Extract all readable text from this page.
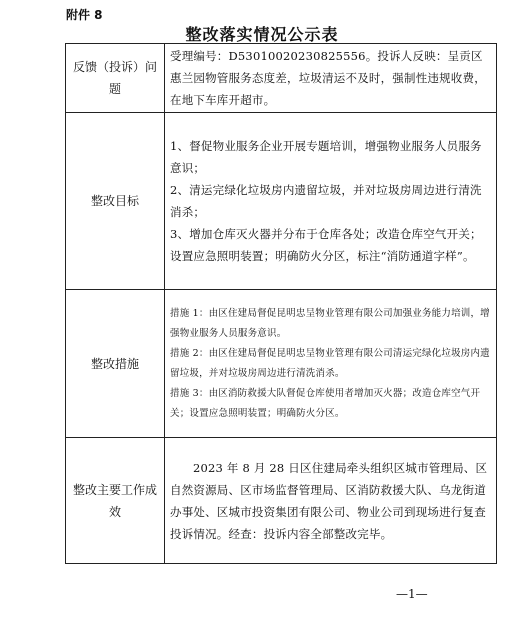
附件 8
整改落实情况公示表
反馈（投诉）问题	受理编号：D53010020230825556。投诉人反映：呈贡区惠兰园物管服务态度差，垃圾清运不及时，强制性违规收费，在地下车库开超市。
整改目标	1、督促物业服务企业开展专题培训，增强物业服务人员服务意识；

2、清运完绿化垃圾房内遗留垃圾，并对垃圾房周边进行清洗消杀；

3、增加仓库灭火器并分布于仓库各处；改造仓库空气开关；设置应急照明装置；明确防火分区，标注“消防通道字样”。

整改措施	措施 1：由区住建局督促昆明忠呈物业管理有限公司加强业务能力培训，增强物业服务人员服务意识。

措施 2：由区住建局督促昆明忠呈物业管理有限公司清运完绿化垃圾房内遗留垃圾，并对垃圾房周边进行清洗消杀。

措施 3：由区消防救援大队督促仓库使用者增加灭火器；改造仓库空气开关；设置应急照明装置；明确防火分区。

整改主要工作成效	2023 年 8 月 28 日区住建局牵头组织区城市管理局、区自然资源局、区市场监督管理局、区消防救援大队、乌龙街道办事处、区城市投资集团有限公司、物业公司到现场进行复查投诉情况。经查：投诉内容全部整改完毕。

—1—
